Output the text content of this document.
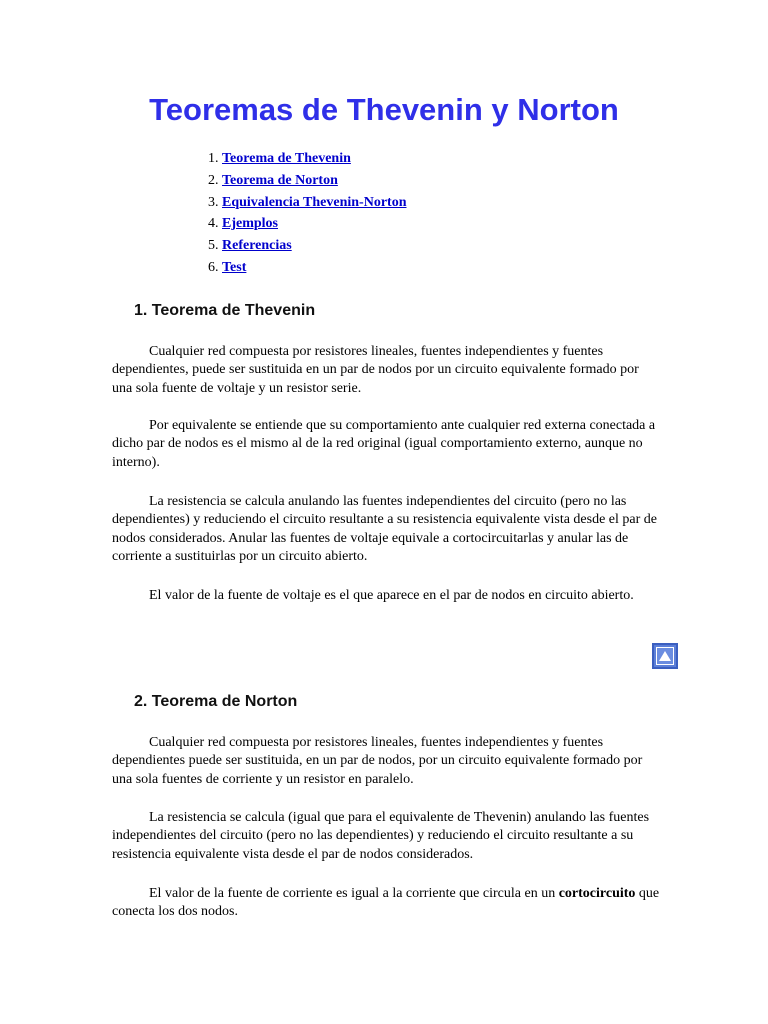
Teoremas de Thevenin y Norton
1. Teorema de Thevenin
2. Teorema de Norton
3. Equivalencia Thevenin-Norton
4. Ejemplos
5. Referencias
6. Test
1. Teorema de Thevenin

Cualquier red compuesta por resistores lineales, fuentes independientes y fuentes dependientes, puede ser sustituida en un par de nodos por un circuito equivalente formado por una sola fuente de voltaje y un resistor serie.

Por equivalente se entiende que su comportamiento ante cualquier red externa conectada a dicho par de nodos es el mismo al de la red original (igual comportamiento externo, aunque no interno).

La resistencia se calcula anulando las fuentes independientes del circuito (pero no las dependientes) y reduciendo el circuito resultante a su resistencia equivalente vista desde el par de nodos considerados. Anular las fuentes de voltaje equivale a cortocircuitarlas y anular las de corriente a sustituirlas por un circuito abierto.

El valor de la fuente de voltaje es el que aparece en el par de nodos en circuito abierto.

2. Teorema de Norton

Cualquier red compuesta por resistores lineales, fuentes independientes y fuentes dependientes puede ser sustituida, en un par de nodos, por un circuito equivalente formado por una sola fuentes de corriente y un resistor en paralelo.

La resistencia se calcula (igual que para el equivalente de Thevenin) anulando las fuentes independientes del circuito (pero no las dependientes) y reduciendo el circuito resultante a su resistencia equivalente vista desde el par de nodos considerados.

El valor de la fuente de corriente es igual a la corriente que circula en un cortocircuito que conecta los dos nodos.
